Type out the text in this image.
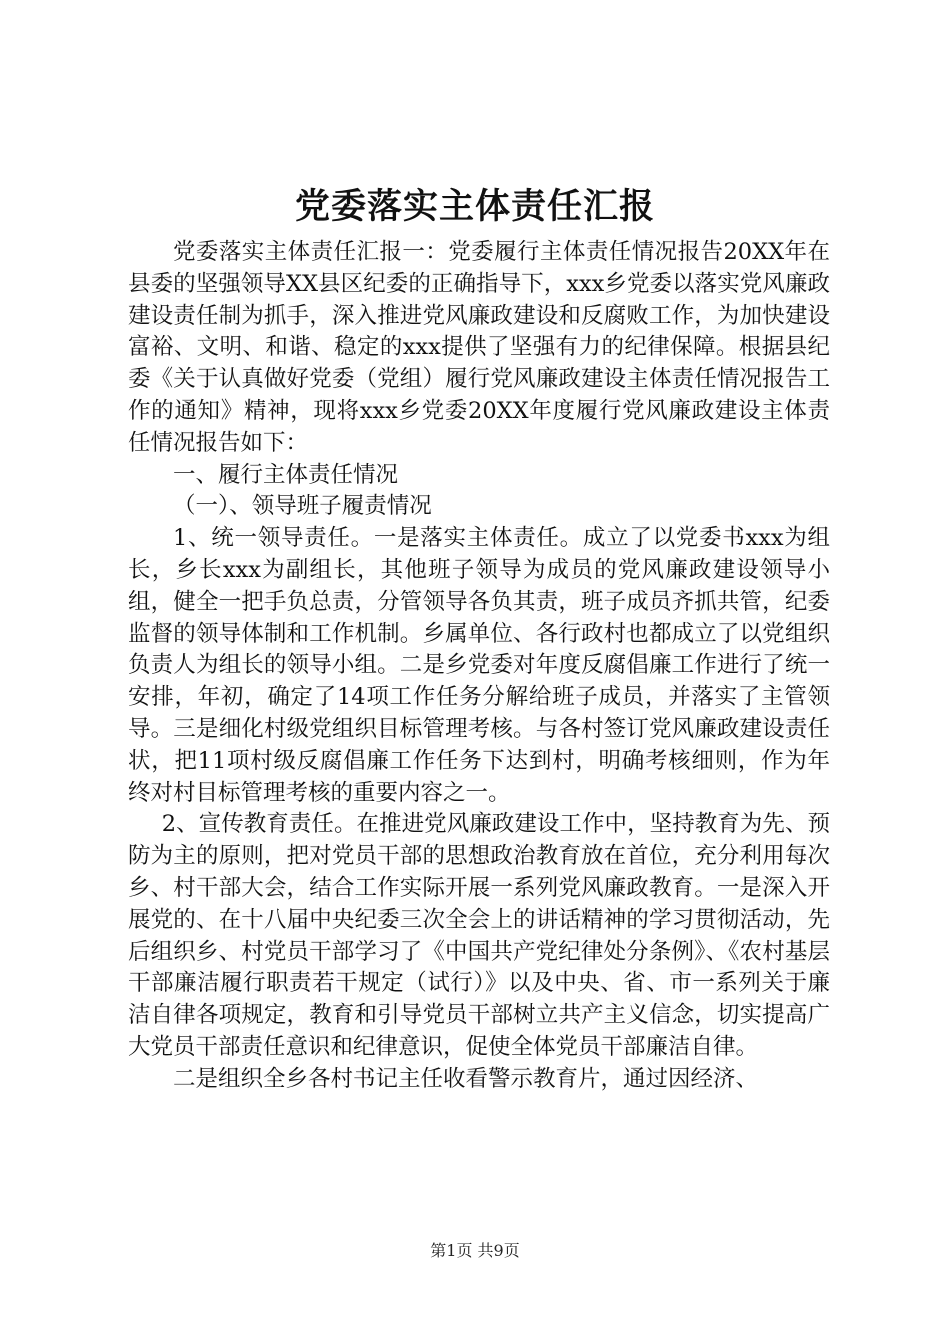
党委落实主体责任汇报

党委落实主体责任汇报一：党委履行主体责任情况报告20XX年在县委的坚强领导XX县区纪委的正确指导下，xxx乡党委以落实党风廉政建设责任制为抓手，深入推进党风廉政建设和反腐败工作，为加快建设富裕、文明、和谐、稳定的xxx提供了坚强有力的纪律保障。根据县纪委《关于认真做好党委（党组）履行党风廉政建设主体责任情况报告工作的通知》精神，现将xxx乡党委20XX年度履行党风廉政建设主体责任情况报告如下：

一、履行主体责任情况

（一）、领导班子履责情况

1、统一领导责任。一是落实主体责任。成立了以党委书xxx为组长，乡长xxx为副组长，其他班子领导为成员的党风廉政建设领导小组，健全一把手负总责，分管领导各负其责，班子成员齐抓共管，纪委监督的领导体制和工作机制。乡属单位、各行政村也都成立了以党组织负责人为组长的领导小组。二是乡党委对年度反腐倡廉工作进行了统一安排，年初，确定了14项工作任务分解给班子成员，并落实了主管领导。三是细化村级党组织目标管理考核。与各村签订党风廉政建设责任状，把11项村级反腐倡廉工作任务下达到村，明确考核细则，作为年终对村目标管理考核的重要内容之一。

2、宣传教育责任。在推进党风廉政建设工作中，坚持教育为先、预防为主的原则，把对党员干部的思想政治教育放在首位，充分利用每次乡、村干部大会，结合工作实际开展一系列党风廉政教育。一是深入开展党的、在十八届中央纪委三次全会上的讲话精神的学习贯彻活动，先后组织乡、村党员干部学习了《中国共产党纪律处分条例》、《农村基层干部廉洁履行职责若干规定（试行）》以及中央、省、市一系列关于廉洁自律各项规定，教育和引导党员干部树立共产主义信念，切实提高广大党员干部责任意识和纪律意识，促使全体党员干部廉洁自律。

二是组织全乡各村书记主任收看警示教育片，通过因经济、

第1页 共9页
